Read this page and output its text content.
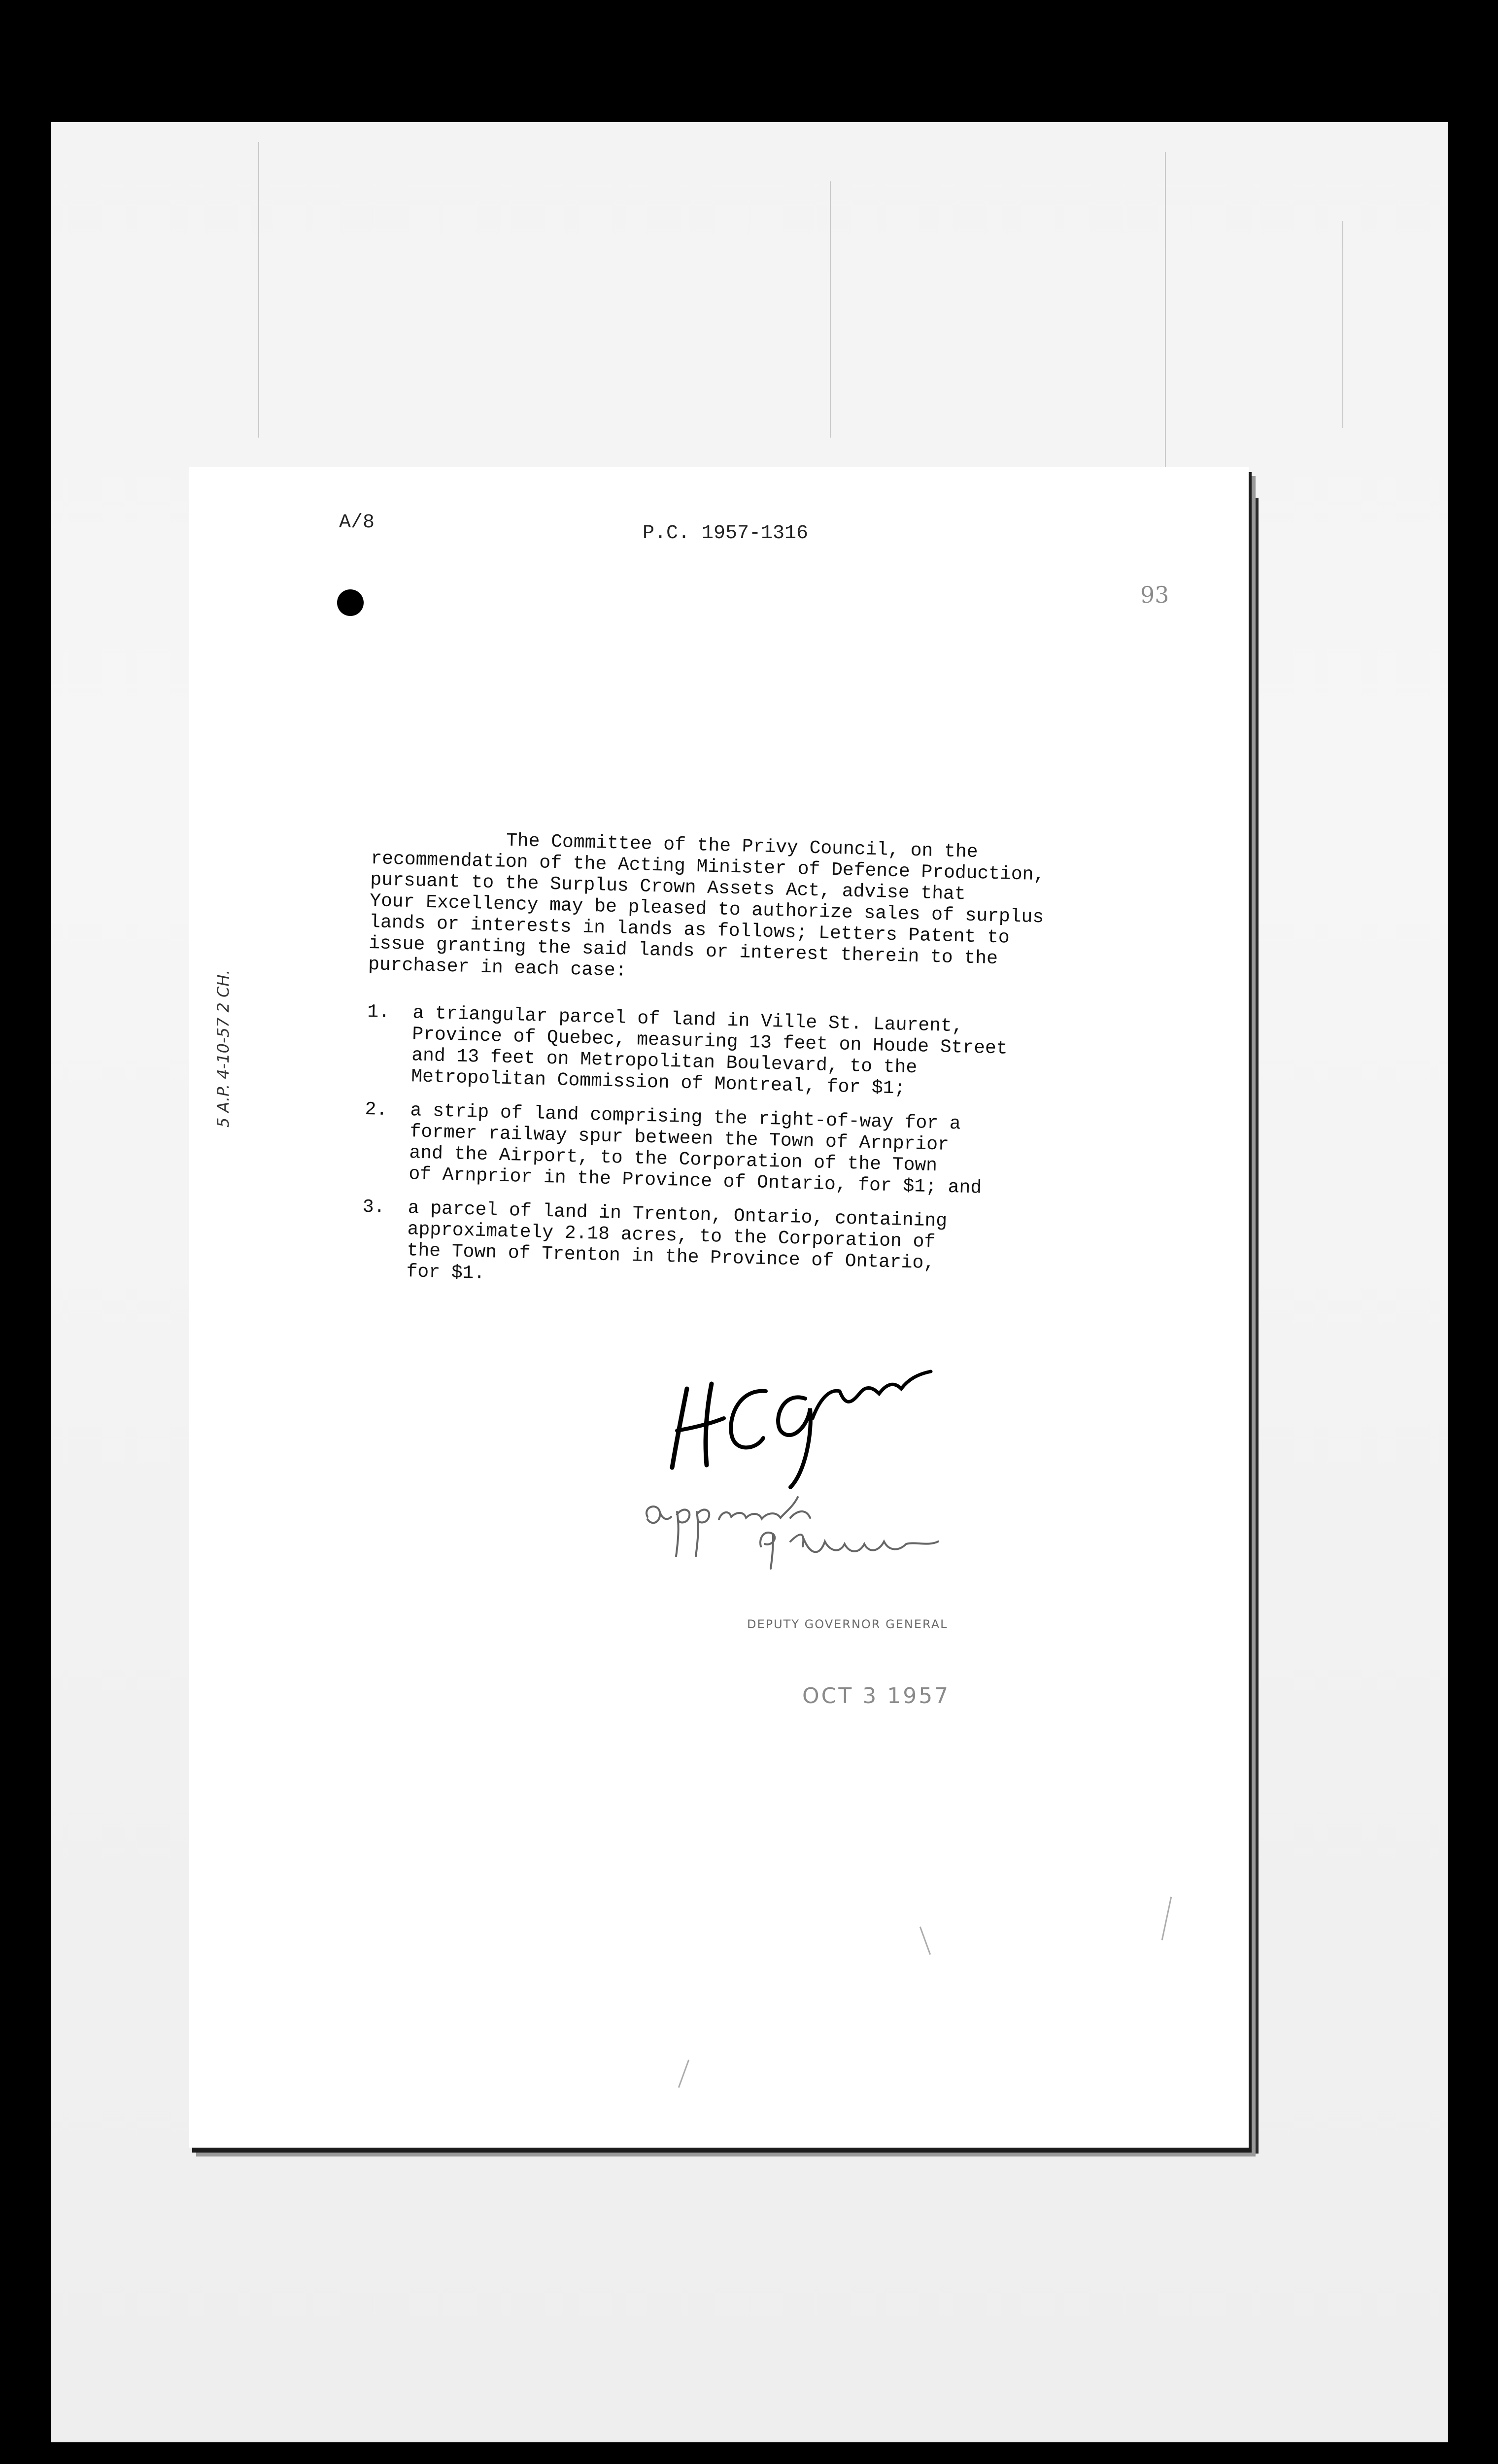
A/8	P.C. 1957-1316
93
The Committee of the Privy Council, on the
recommendation of the Acting Minister of Defence Production,
pursuant to the Surplus Crown Assets Act, advise that
Your Excellency may be pleased to authorize sales of surplus
lands or interests in lands as follows; Letters Patent to
issue granting the said lands or interest therein to the
purchaser in each case:
1.	a triangular parcel of land in Ville St. Laurent,
Province of Quebec, measuring 13 feet on Houde Street
and 13 feet on Metropolitan Boulevard, to the
Metropolitan Commission of Montreal, for $1;
2.	a strip of land comprising the right-of-way for a
former railway spur between the Town of Arnprior
and the Airport, to the Corporation of the Town
of Arnprior in the Province of Ontario, for $1; and
3.	a parcel of land in Trenton, Ontario, containing
approximately 2.18 acres, to the Corporation of
the Town of Trenton in the Province of Ontario,
for $1.
5 A.P. 4-10-57 2 CH.
DEPUTY GOVERNOR GENERAL
OCT 3 1957
